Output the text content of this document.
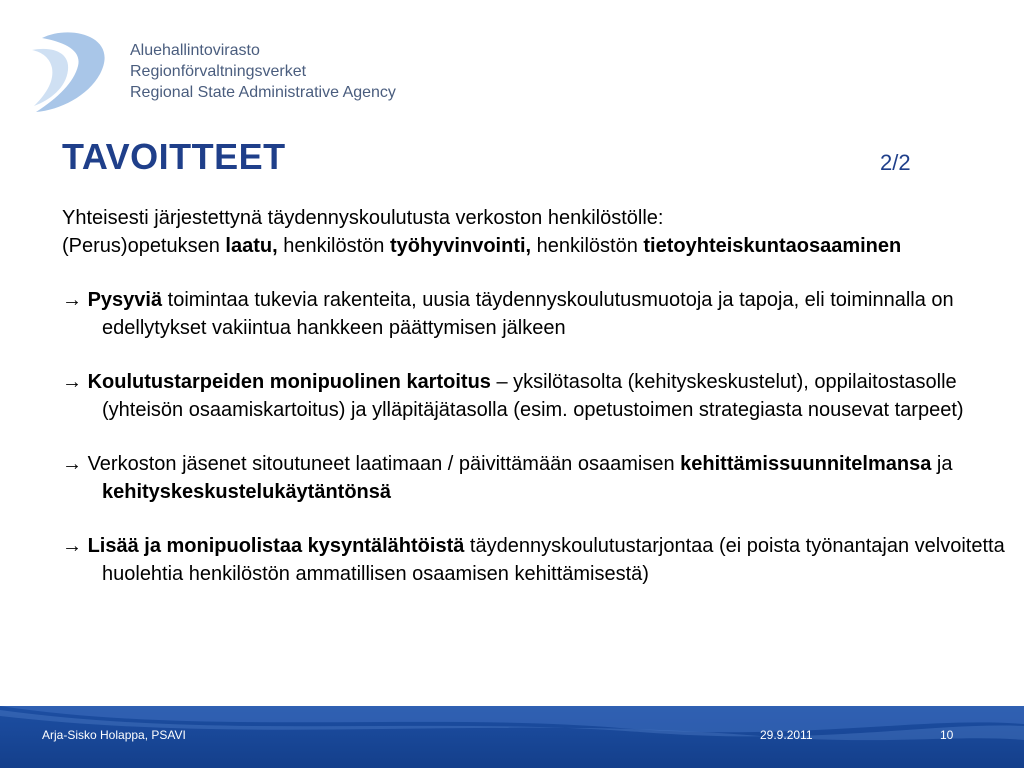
Aluehallintovirasto
Regionförvaltningsverket
Regional State Administrative Agency
TAVOITTEET	2/2

Yhteisesti järjestettynä täydennyskoulutusta verkoston henkilöstölle:

(Perus)opetuksen laatu, henkilöstön työhyvinvointi, henkilöstön tietoyhteiskuntaosaaminen

→ Pysyviä toimintaa tukevia rakenteita, uusia täydennyskoulutusmuotoja ja tapoja, eli toiminnalla on edellytykset vakiintua hankkeen päättymisen jälkeen

→ Koulutustarpeiden monipuolinen kartoitus – yksilötasolta (kehityskeskustelut), oppilaitostasolle (yhteisön osaamiskartoitus) ja ylläpitäjätasolla (esim. opetustoimen strategiasta nousevat tarpeet)

→ Verkoston jäsenet sitoutuneet laatimaan / päivittämään osaamisen kehittämissuunnitelmansa ja kehityskeskustelukäytäntönsä

→ Lisää ja monipuolistaa kysyntälähtöistä täydennyskoulutustarjontaa (ei poista työnantajan velvoitetta huolehtia henkilöstön ammatillisen osaamisen kehittämisestä)

Arja-Sisko Holappa, PSAVI	29.9.2011	10
